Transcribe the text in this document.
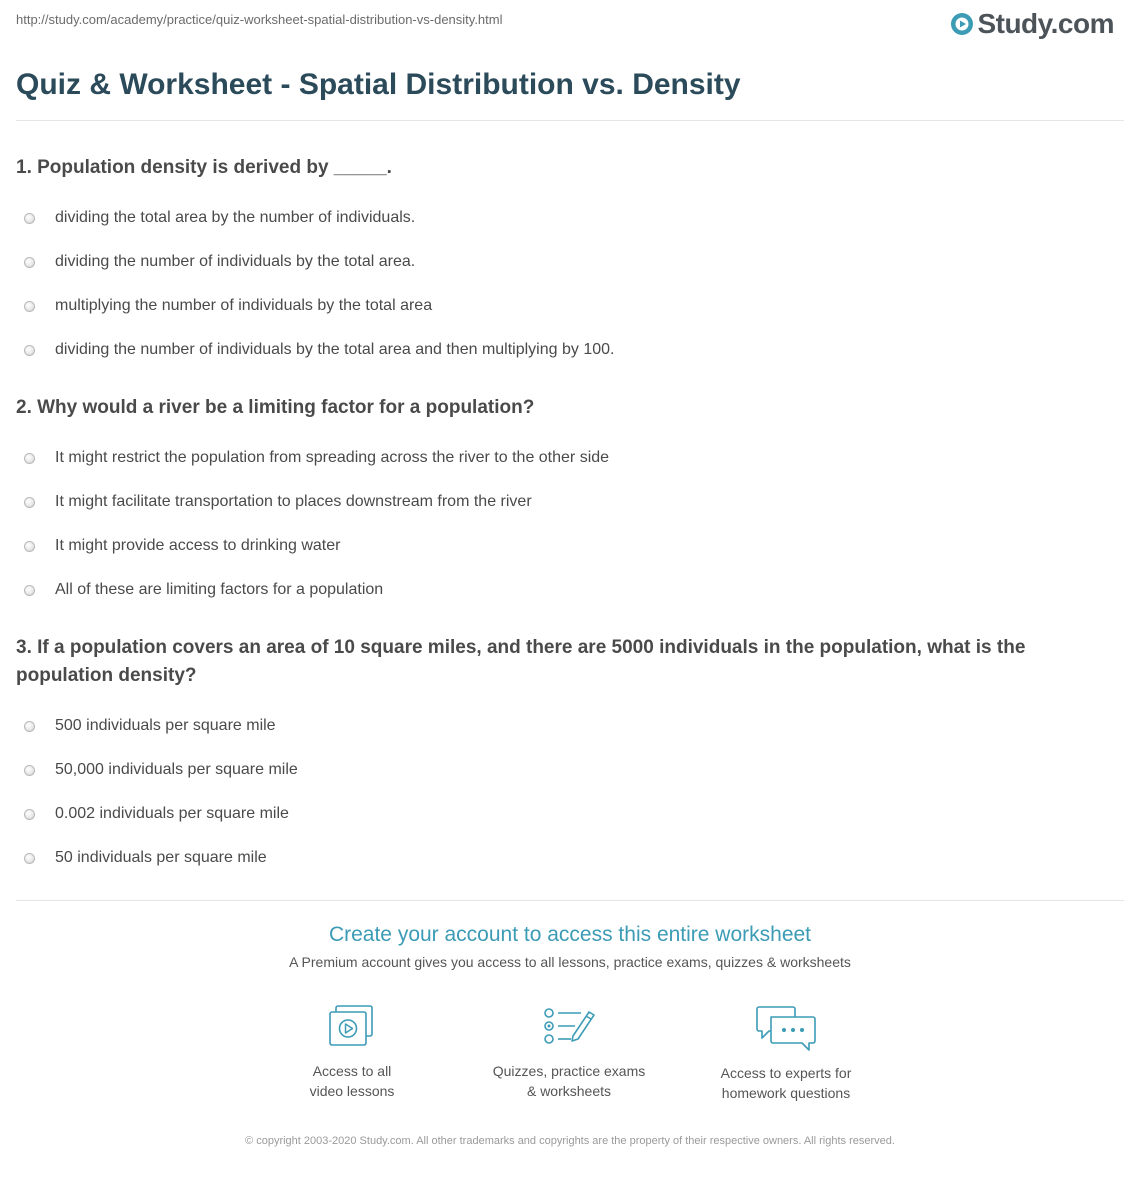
http://study.com/academy/practice/quiz-worksheet-spatial-distribution-vs-density.html	Study.com
Quiz & Worksheet - Spatial Distribution vs. Density

1. Population density is derived by _____.

dividing the total area by the number of individuals.
dividing the number of individuals by the total area.
multiplying the number of individuals by the total area
dividing the number of individuals by the total area and then multiplying by 100.

2. Why would a river be a limiting factor for a population?

It might restrict the population from spreading across the river to the other side
It might facilitate transportation to places downstream from the river
It might provide access to drinking water
All of these are limiting factors for a population

3. If a population covers an area of 10 square miles, and there are 5000 individuals in the population, what is the population density?

500 individuals per square mile
50,000 individuals per square mile
0.002 individuals per square mile
50 individuals per square mile
Create your account to access this entire worksheet
A Premium account gives you access to all lessons, practice exams, quizzes & worksheets
Access to all
video lessons
Quizzes, practice exams
& worksheets
Access to experts for
homework questions
© copyright 2003-2020 Study.com. All other trademarks and copyrights are the property of their respective owners. All rights reserved.
